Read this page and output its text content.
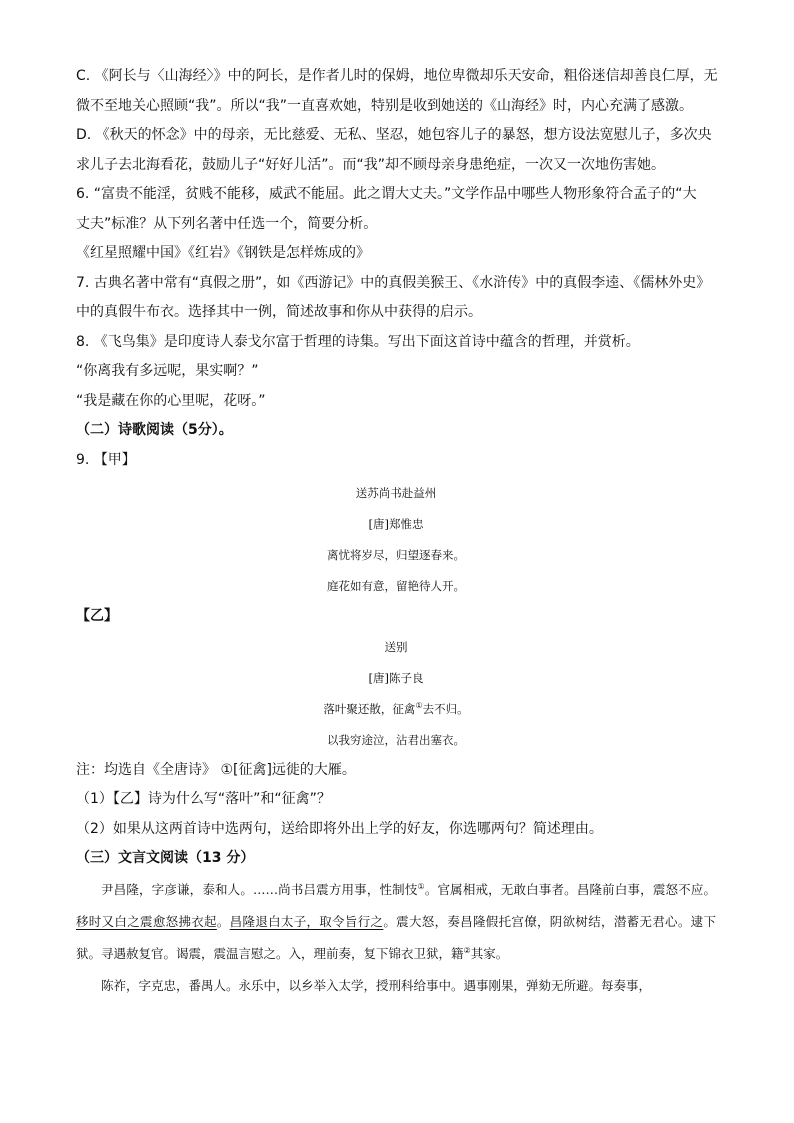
C. 《阿长与〈山海经〉》中的阿长，是作者儿时的保姆，地位卑微却乐天安命，粗俗迷信却善良仁厚，无

微不至地关心照顾“我”。所以“我”一直喜欢她，特别是收到她送的《山海经》时，内心充满了感激。

D. 《秋天的怀念》中的母亲，无比慈爱、无私、坚忍，她包容儿子的暴怒，想方设法宽慰儿子，多次央

求儿子去北海看花，鼓励儿子“好好儿活”。而“我”却不顾母亲身患绝症，一次又一次地伤害她。

6. “富贵不能淫，贫贱不能移，威武不能屈。此之谓大丈夫。”文学作品中哪些人物形象符合孟子的“大

丈夫”标准？从下列名著中任选一个，简要分析。

《红星照耀中国》《红岩》《钢铁是怎样炼成的》

7. 古典名著中常有“真假之册”，如《西游记》中的真假美猴王、《水浒传》中的真假李逵、《儒林外史》

中的真假牛布衣。选择其中一例，简述故事和你从中获得的启示。

8. 《飞鸟集》是印度诗人泰戈尔富于哲理的诗集。写出下面这首诗中蕴含的哲理，并赏析。

“你离我有多远呢，果实啊？”

“我是藏在你的心里呢，花呀。”

（二）诗歌阅读（5分）。

9. 【甲】

送苏尚书赴益州

[唐]郑惟忠

离忧将岁尽，归望逐春来。

庭花如有意，留艳待人开。

【乙】

送别

[唐]陈子良

落叶聚还散，征禽①去不归。

以我穷途泣，沾君出塞衣。

注：均选自《全唐诗》 ①[征禽]远徙的大雁。

（1）【乙】诗为什么写“落叶”和“征禽”？

（2）如果从这两首诗中选两句，送给即将外出上学的好友，你选哪两句？简述理由。

（三）文言文阅读（13 分）

尹昌隆，字彦谦，泰和人。……尚书吕震方用事，性制忮①。官属相戒，无敢白事者。昌隆前白事，震怒不应。移时又白之震愈怒拂衣起。昌隆退白太子，取令旨行之。震大怒，奏昌隆假托宫僚，阴欲树结，潜蓄无君心。逮下狱。寻遇赦复官。谒震，震温言慰之。入，理前奏，复下锦衣卫狱，籍②其家。

陈祚，字克忠，番禺人。永乐中，以乡举入太学，授刑科给事中。遇事刚果，弹劾无所避。每奏事，
